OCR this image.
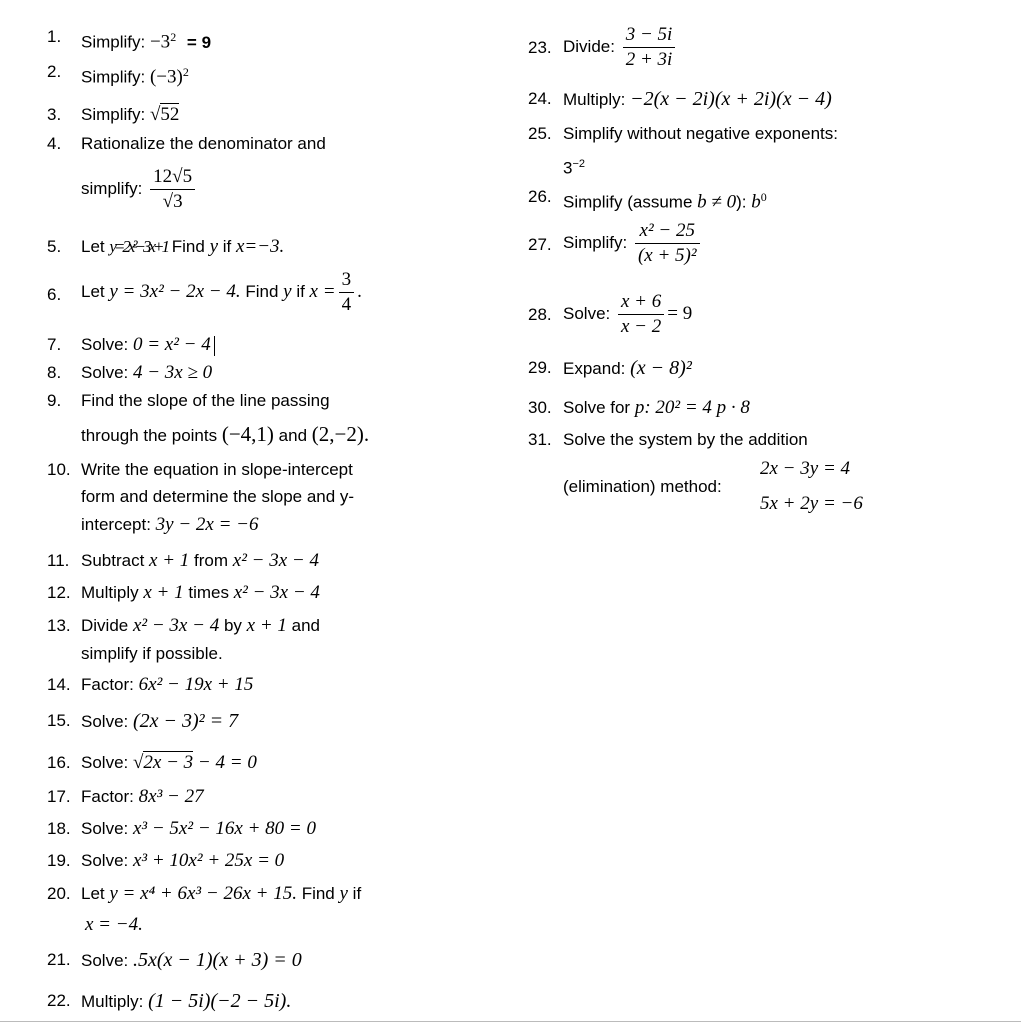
1. Simplify: $-3^2 = 9$
2. Simplify: $(-3)^2$
3. Simplify: √52
4. Rationalize the denominator and
simplify: $\frac{12√5}{√3}$
5. Let y=2x²−3x+1 Find y if x=−3.
6. Let y = 3x² − 2x − 4. Find y if $x = \frac{3}{4}$ .
7. Solve: 0 = x² − 4
8. Solve: 4 − 3x ≥ 0
9. Find the slope of the line passing
through the points (−4,1) and (2,−2).
10. Write the equation in slope-intercept
form and determine the slope and y-
intercept: 3y − 2x = −6
11. Subtract x + 1 from x² − 3x − 4
12. Multiply x + 1 times x² − 3x − 4
13. Divide x² − 3x − 4 by x + 1 and
simplify if possible.
14. Factor: 6x² − 19x + 15
15. Solve: (2x − 3)² = 7
16. Solve: √2x − 3 − 4 = 0
17. Factor: 8x³ − 27
18. Solve: x³ − 5x² − 16x + 80 = 0
19. Solve: x³ + 10x² + 25x = 0
20. Let y = x⁴ + 6x³ − 26x + 15. Find y if
x = −4.
21. Solve: .5x(x − 1)(x + 3) = 0
22. Multiply: (1 − 5i)(−2 − 5i).
23. Divide: $\frac{3 - 5i}{2 + 3i}$
24. Multiply: −2(x − 2i)(x + 2i)(x − 4)
25. Simplify without negative exponents:
$3^{-2}$
26. Simplify (assume b ≠ 0): $b^0$
27. Simplify: $\frac{\text{x² − 25}}{\text{(x + 5)²}}$
28. Solve: $\frac{x + 6}{x - 2} = 9$
29. Expand: (x − 8)²
30. Solve for p: 20² = 4 p · 8
31. Solve the system by the addition
(elimination) method:
2x − 3y = 4
5x + 2y = −6
